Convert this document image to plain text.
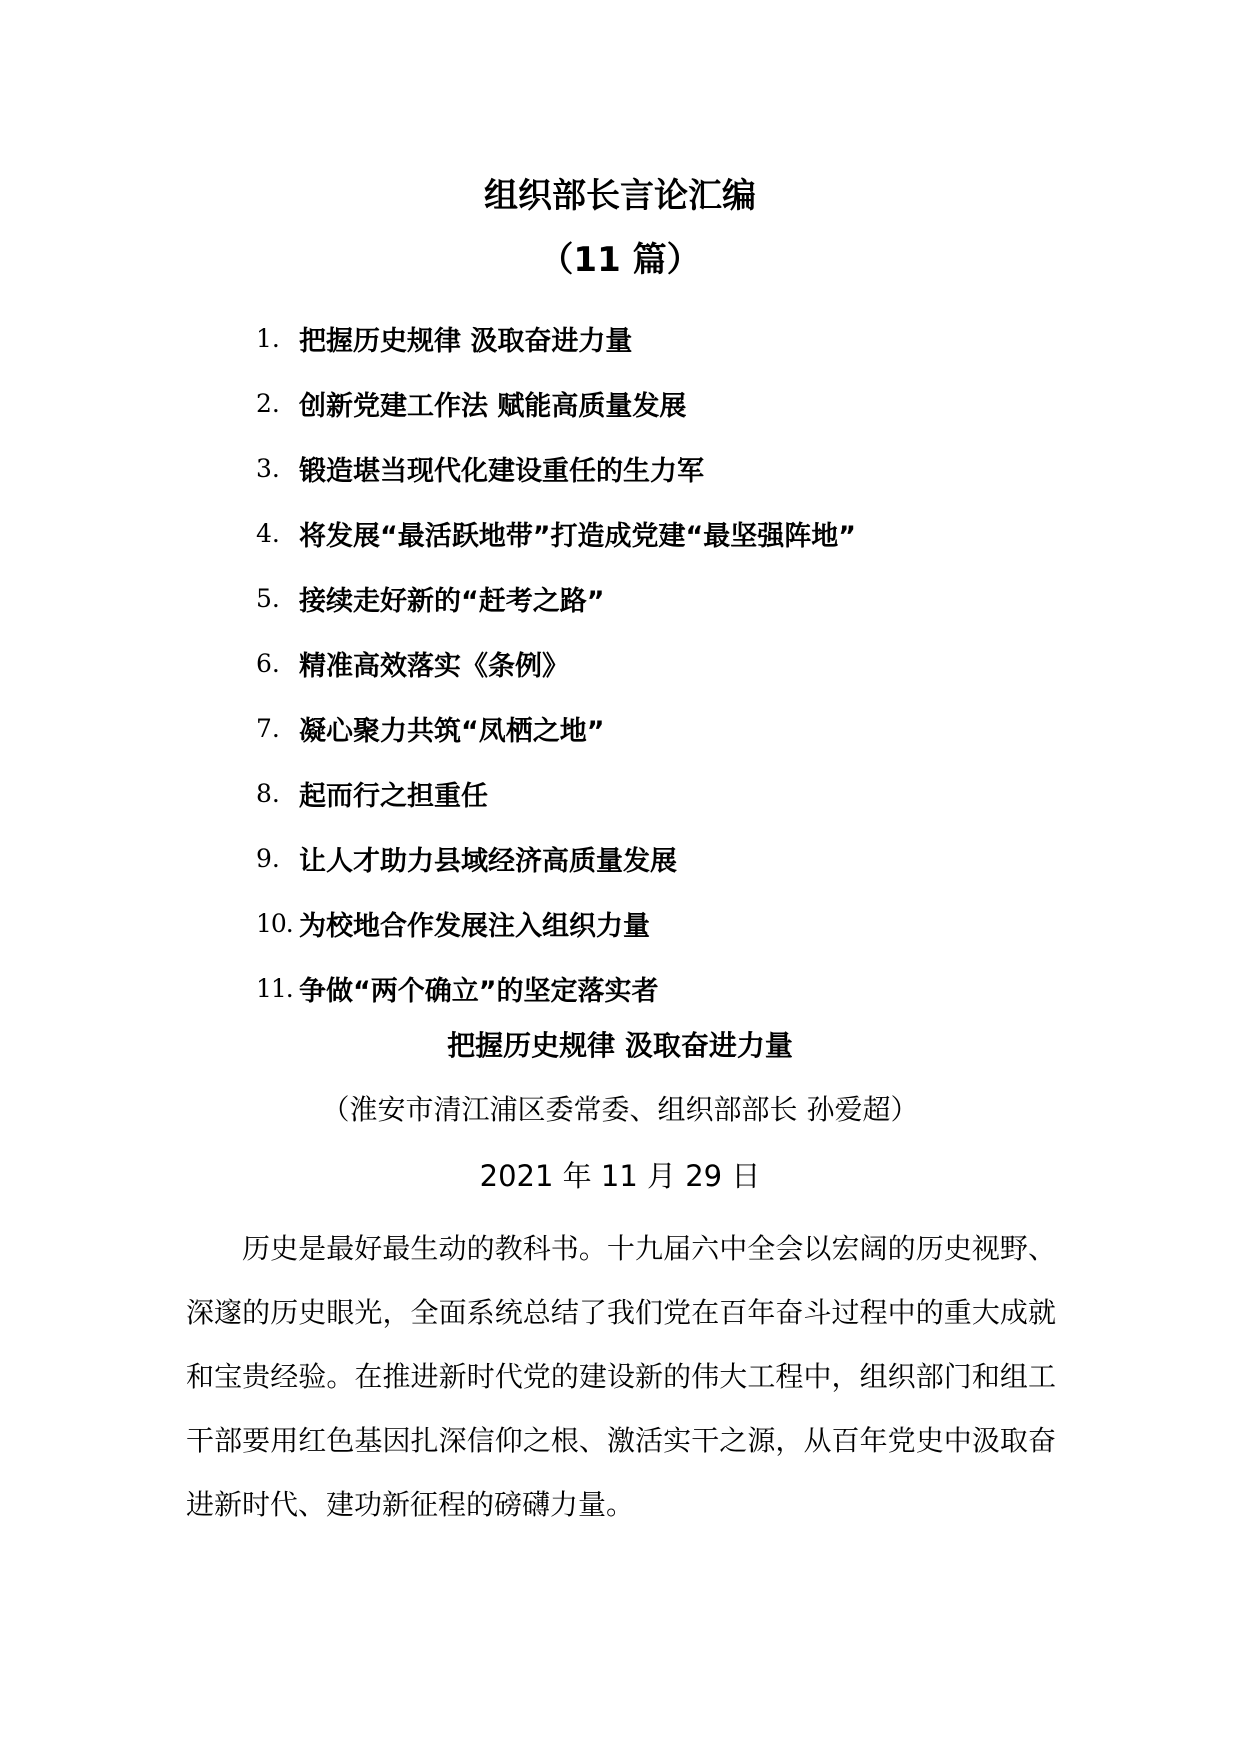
组织部长言论汇编
（11 篇）
1. 把握历史规律 汲取奋进力量
2. 创新党建工作法 赋能高质量发展
3. 锻造堪当现代化建设重任的生力军
4. 将发展“最活跃地带”打造成党建“最坚强阵地”
5. 接续走好新的“赶考之路”
6. 精准高效落实《条例》
7. 凝心聚力共筑“凤栖之地”
8. 起而行之担重任
9. 让人才助力县域经济高质量发展
10. 为校地合作发展注入组织力量
11. 争做“两个确立”的坚定落实者
把握历史规律 汲取奋进力量
（淮安市清江浦区委常委、组织部部长 孙爱超）
2021 年 11 月 29 日

历史是最好最生动的教科书。十九届六中全会以宏阔的历史视野、深邃的历史眼光，全面系统总结了我们党在百年奋斗过程中的重大成就和宝贵经验。在推进新时代党的建设新的伟大工程中，组织部门和组工干部要用红色基因扎深信仰之根、激活实干之源，从百年党史中汲取奋进新时代、建功新征程的磅礴力量。
